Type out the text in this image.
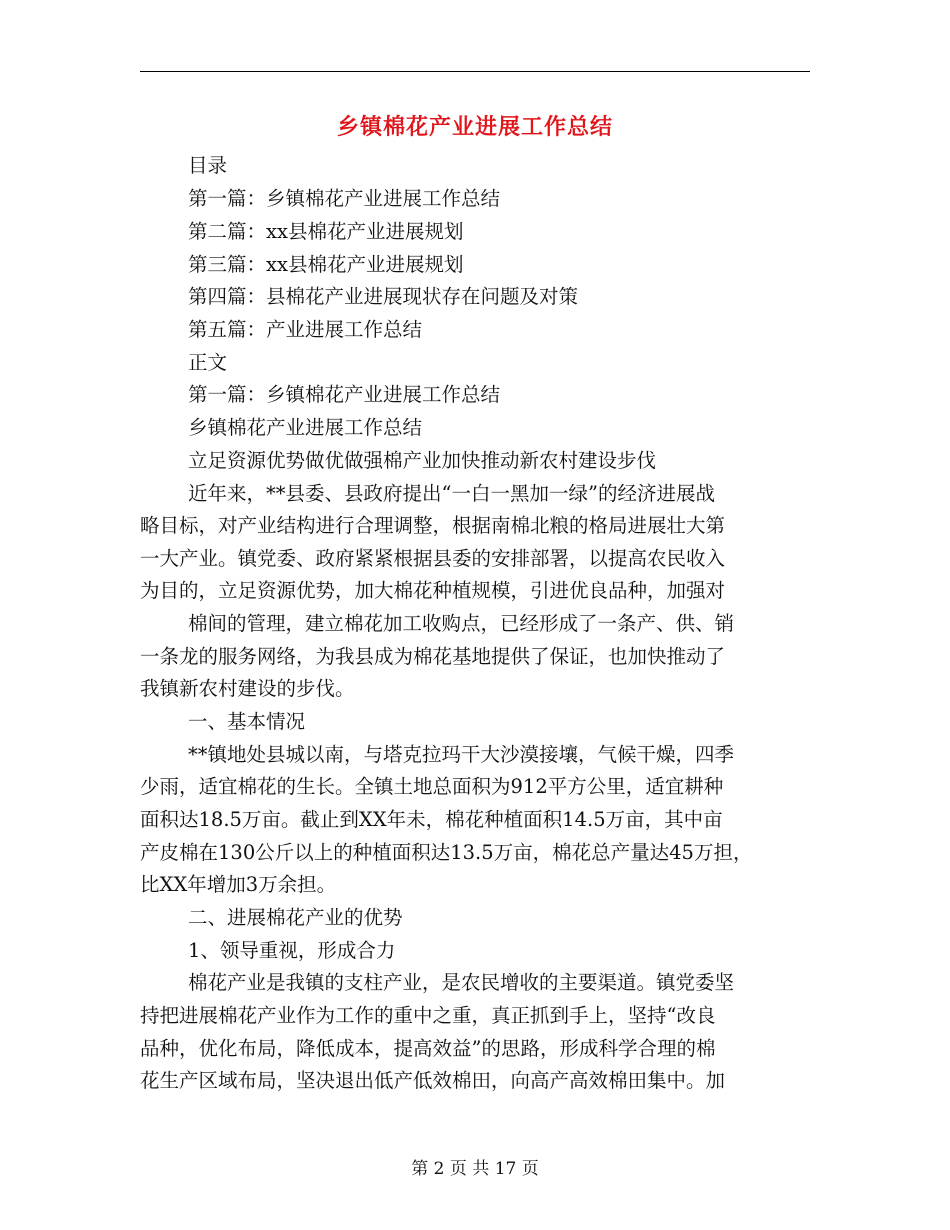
乡镇棉花产业进展工作总结
目录
第一篇：乡镇棉花产业进展工作总结
第二篇：xx县棉花产业进展规划
第三篇：xx县棉花产业进展规划
第四篇：县棉花产业进展现状存在问题及对策
第五篇：产业进展工作总结
正文
第一篇：乡镇棉花产业进展工作总结
乡镇棉花产业进展工作总结
立足资源优势做优做强棉产业加快推动新农村建设步伐
近年来，**县委、县政府提出“一白一黑加一绿”的经济进展战
略目标，对产业结构进行合理调整，根据南棉北粮的格局进展壮大第
一大产业。镇党委、政府紧紧根据县委的安排部署，以提高农民收入
为目的，立足资源优势，加大棉花种植规模，引进优良品种，加强对
棉间的管理，建立棉花加工收购点，已经形成了一条产、供、销
一条龙的服务网络，为我县成为棉花基地提供了保证，也加快推动了
我镇新农村建设的步伐。
一、基本情况
**镇地处县城以南，与塔克拉玛干大沙漠接壤，气候干燥，四季
少雨，适宜棉花的生长。全镇土地总面积为912平方公里，适宜耕种
面积达18.5万亩。截止到XX年未，棉花种植面积14.5万亩，其中亩
产皮棉在130公斤以上的种植面积达13.5万亩，棉花总产量达45万担，
比XX年增加3万余担。
二、进展棉花产业的优势
1、领导重视，形成合力
棉花产业是我镇的支柱产业，是农民增收的主要渠道。镇党委坚
持把进展棉花产业作为工作的重中之重，真正抓到手上，坚持“改良
品种，优化布局，降低成本，提高效益”的思路，形成科学合理的棉
花生产区域布局，坚决退出低产低效棉田，向高产高效棉田集中。加
第 2 页 共 17 页
